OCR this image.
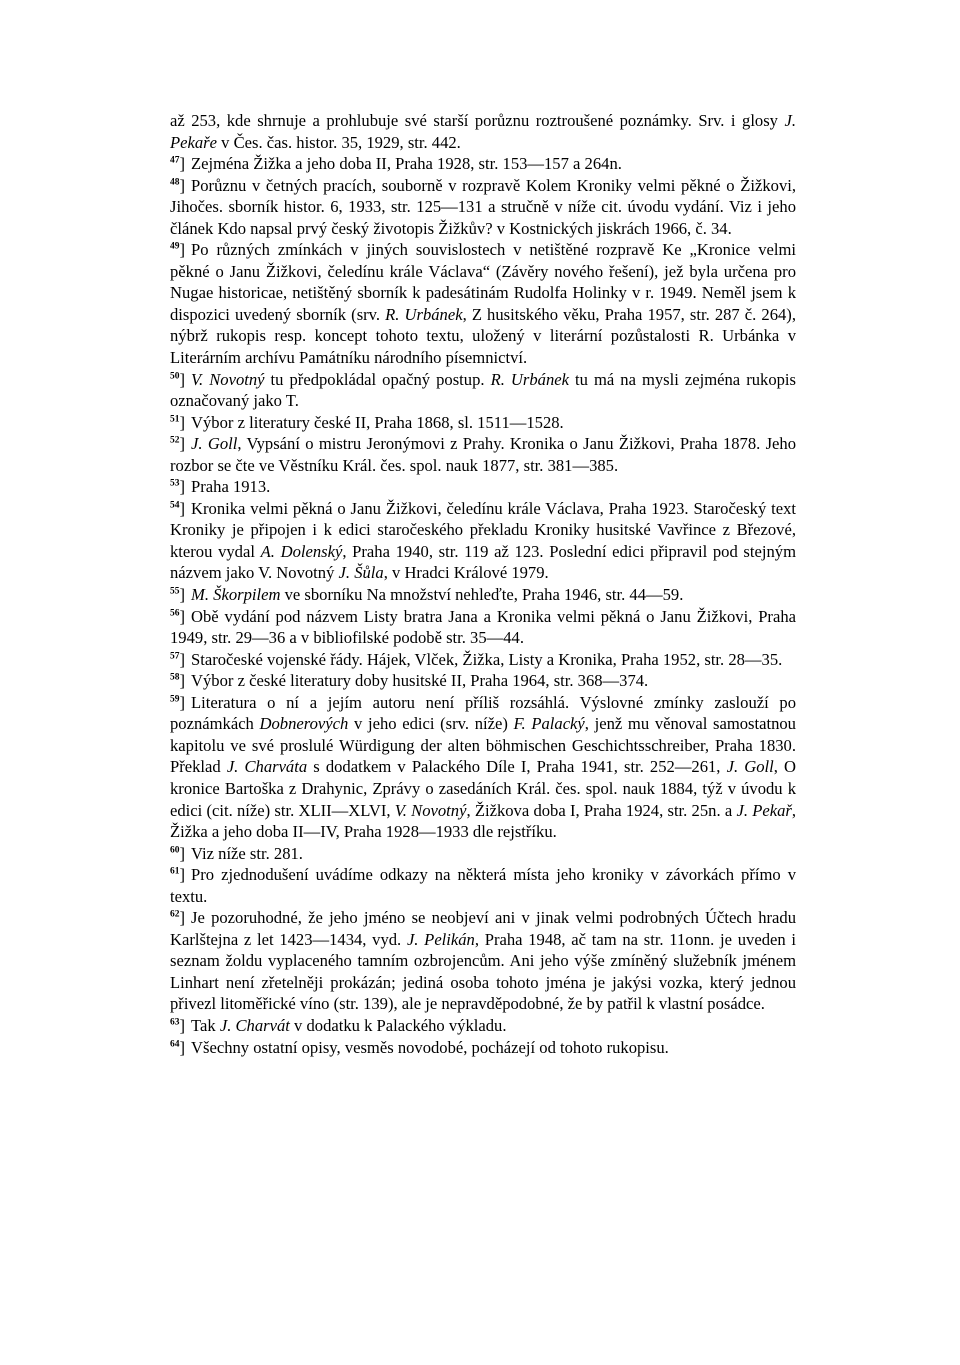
až 253, kde shrnuje a prohlubuje své starší porůznu roztroušené poznámky. Srv. i glosy J. Pekaře v Čes. čas. histor. 35, 1929, str. 442.

$^{47}$] Zejména Žižka a jeho doba II, Praha 1928, str. 153—157 a 264n.

$^{48}$] Porůznu v četných pracích, souborně v rozpravě Kolem Kroniky velmi pěkné o Žižkovi, Jihočes. sborník histor. 6, 1933, str. 125—131 a stručně v níže cit. úvodu vydání. Viz i jeho článek Kdo napsal prvý český životopis Žižkův? v Kostnických jiskrách 1966, č. 34.

$^{49}$] Po různých zmínkách v jiných souvislostech v netištěné rozpravě Ke „Kronice velmi pěkné o Janu Žižkovi, čeledínu krále Václava“ (Závěry nového řešení), jež byla určena pro Nugae historicae, netištěný sborník k padesátinám Rudolfa Holinky v r. 1949. Neměl jsem k dispozici uvedený sborník (srv. R. Urbánek, Z husitského věku, Praha 1957, str. 287 č. 264), nýbrž rukopis resp. koncept tohoto textu, uložený v literární pozůstalosti R. Urbánka v Literárním archívu Památníku národního písemnictví.

$^{50}$] V. Novotný tu předpokládal opačný postup. R. Urbánek tu má na mysli zejména rukopis označovaný jako T.

$^{51}$] Výbor z literatury české II, Praha 1868, sl. 1511—1528.

$^{52}$] J. Goll, Vypsání o mistru Jeronýmovi z Prahy. Kronika o Janu Žižkovi, Praha 1878. Jeho rozbor se čte ve Věstníku Král. čes. spol. nauk 1877, str. 381—385.

$^{53}$] Praha 1913.

$^{54}$] Kronika velmi pěkná o Janu Žižkovi, čeledínu krále Václava, Praha 1923. Staročeský text Kroniky je připojen i k edici staročeského překladu Kroniky husitské Vavřince z Březové, kterou vydal A. Dolenský, Praha 1940, str. 119 až 123. Poslední edici připravil pod stejným názvem jako V. Novotný J. Šůla, v Hradci Králové 1979.

$^{55}$] M. Škorpilem ve sborníku Na množství nehleďte, Praha 1946, str. 44—59.

$^{56}$] Obě vydání pod názvem Listy bratra Jana a Kronika velmi pěkná o Janu Žižkovi, Praha 1949, str. 29—36 a v bibliofilské podobě str. 35—44.

$^{57}$] Staročeské vojenské řády. Hájek, Vlček, Žižka, Listy a Kronika, Praha 1952, str. 28—35.

$^{58}$] Výbor z české literatury doby husitské II, Praha 1964, str. 368—374.

$^{59}$] Literatura o ní a jejím autoru není příliš rozsáhlá. Výslovné zmínky zaslouží po poznámkách Dobnerových v jeho edici (srv. níže) F. Palacký, jenž mu věnoval samostatnou kapitolu ve své proslulé Würdigung der alten böhmischen Geschichtsschreiber, Praha 1830. Překlad J. Charváta s dodatkem v Palackého Díle I, Praha 1941, str. 252—261, J. Goll, O kronice Bartoška z Drahynic, Zprávy o zasedáních Král. čes. spol. nauk 1884, týž v úvodu k edici (cit. níže) str. XLII—XLVI, V. Novotný, Žižkova doba I, Praha 1924, str. 25n. a J. Pekař, Žižka a jeho doba II—IV, Praha 1928—1933 dle rejstříku.

$^{60}$] Viz níže str. 281.

$^{61}$] Pro zjednodušení uvádíme odkazy na některá místa jeho kroniky v závorkách přímo v textu.

$^{62}$] Je pozoruhodné, že jeho jméno se neobjeví ani v jinak velmi podrobných Účtech hradu Karlštejna z let 1423—1434, vyd. J. Pelikán, Praha 1948, ač tam na str. 11onn. je uveden i seznam žoldu vyplaceného tamním ozbrojencům. Ani jeho výše zmíněný služebník jménem Linhart není zřetelněji prokázán; jediná osoba tohoto jména je jakýsi vozka, který jednou přivezl litoměřické víno (str. 139), ale je nepravděpodobné, že by patřil k vlastní posádce.

$^{63}$] Tak J. Charvát v dodatku k Palackého výkladu.

$^{64}$] Všechny ostatní opisy, vesměs novodobé, pocházejí od tohoto rukopisu.
